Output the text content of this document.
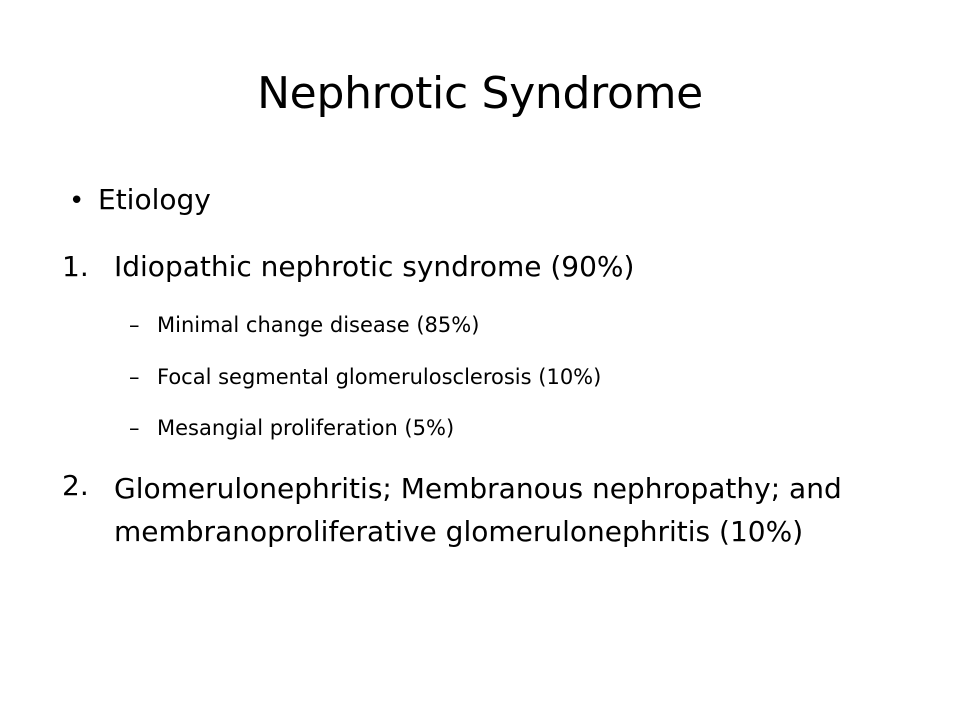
Nephrotic Syndrome
• Etiology
1. Idiopathic nephrotic syndrome (90%)
– Minimal change disease (85%)
– Focal segmental glomerulosclerosis (10%)
– Mesangial proliferation (5%)
2. Glomerulonephritis; Membranous nephropathy; and membranoproliferative glomerulonephritis (10%)
